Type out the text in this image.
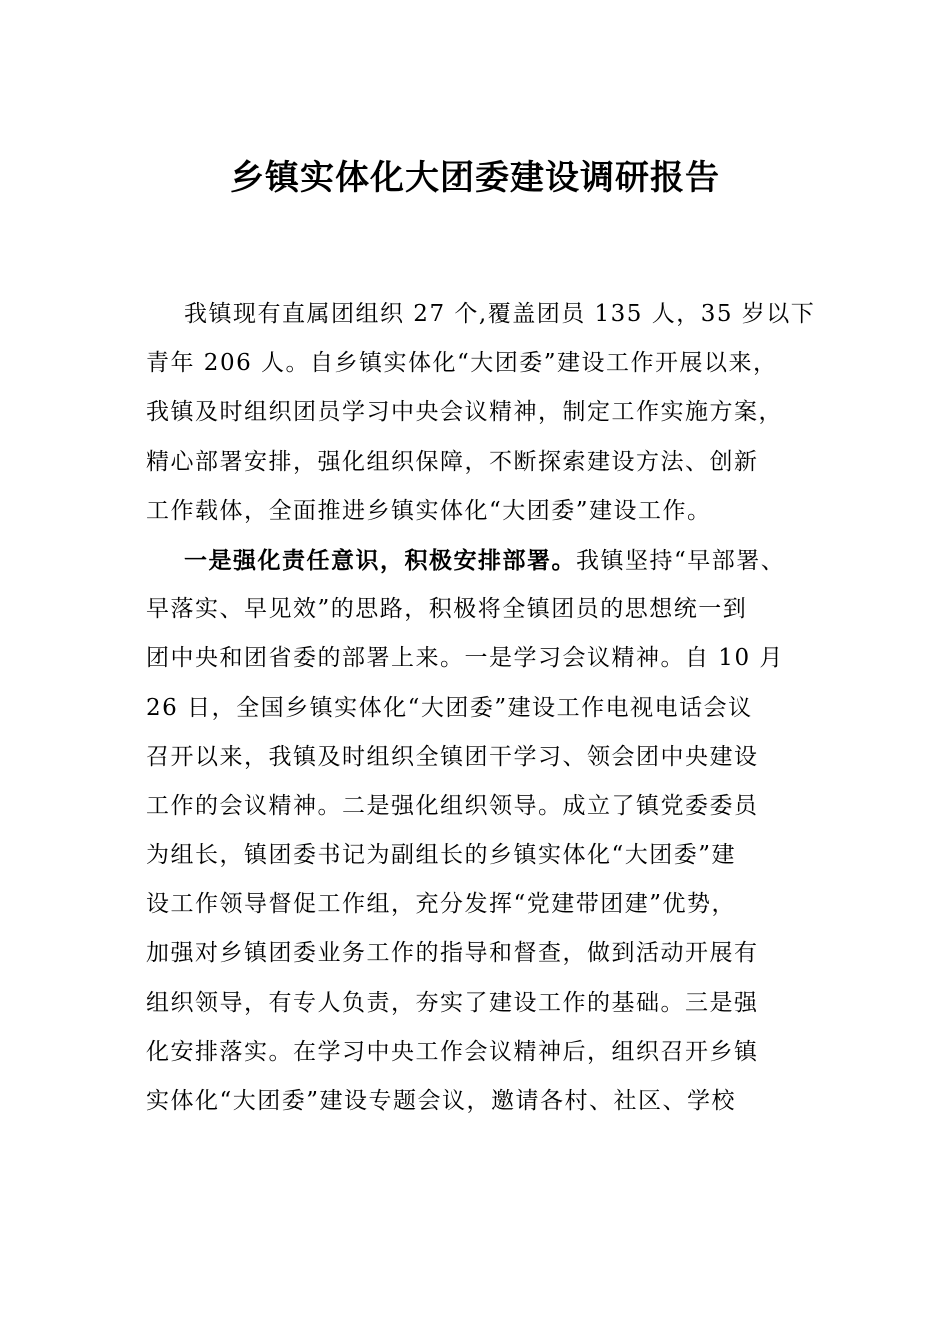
乡镇实体化大团委建设调研报告
我镇现有直属团组织 27 个,覆盖团员 135 人，35 岁以下
青年 206 人。自乡镇实体化“大团委”建设工作开展以来，
我镇及时组织团员学习中央会议精神，制定工作实施方案，
精心部署安排，强化组织保障，不断探索建设方法、创新
工作载体，全面推进乡镇实体化“大团委”建设工作。
一是强化责任意识，积极安排部署。我镇坚持“早部署、
早落实、早见效”的思路，积极将全镇团员的思想统一到
团中央和团省委的部署上来。一是学习会议精神。自 10 月
26 日，全国乡镇实体化“大团委”建设工作电视电话会议
召开以来，我镇及时组织全镇团干学习、领会团中央建设
工作的会议精神。二是强化组织领导。成立了镇党委委员
为组长，镇团委书记为副组长的乡镇实体化“大团委”建
设工作领导督促工作组，充分发挥“党建带团建”优势，
加强对乡镇团委业务工作的指导和督查，做到活动开展有
组织领导，有专人负责，夯实了建设工作的基础。三是强
化安排落实。在学习中央工作会议精神后，组织召开乡镇
实体化“大团委”建设专题会议，邀请各村、社区、学校
